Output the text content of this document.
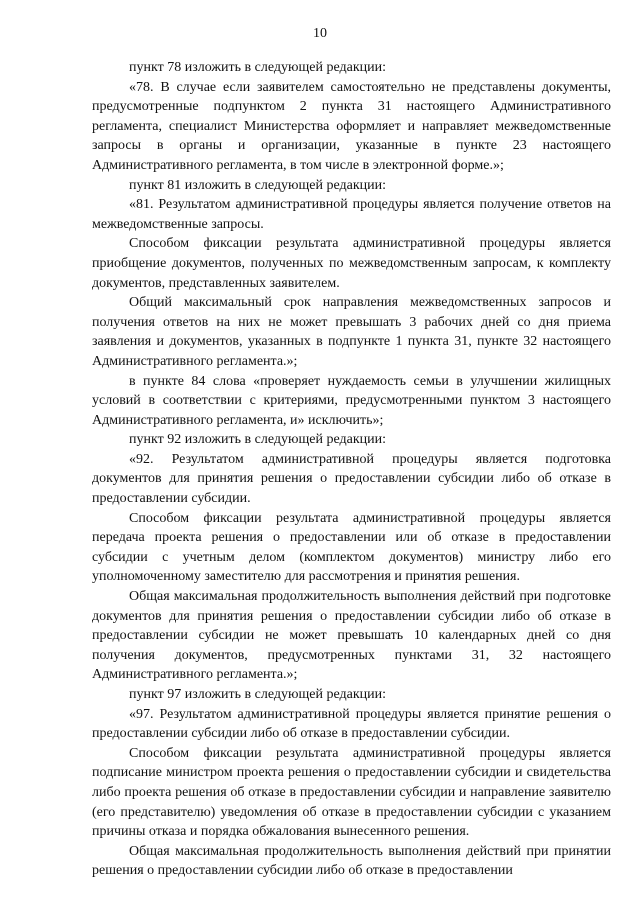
10

пункт 78 изложить в следующей редакции:

«78. В случае если заявителем самостоятельно не представлены документы, предусмотренные подпунктом 2 пункта 31 настоящего Административного регламента, специалист Министерства оформляет и направляет межведомственные запросы в органы и организации, указанные в пункте 23 настоящего Административного регламента, в том числе в электронной форме.»;

пункт 81 изложить в следующей редакции:

«81. Результатом административной процедуры является получение ответов на межведомственные запросы.

Способом фиксации результата административной процедуры является приобщение документов, полученных по межведомственным запросам, к комплекту документов, представленных заявителем.

Общий максимальный срок направления межведомственных запросов и получения ответов на них не может превышать 3 рабочих дней со дня приема заявления и документов, указанных в подпункте 1 пункта 31, пункте 32 настоящего Административного регламента.»;

в пункте 84 слова «проверяет нуждаемость семьи в улучшении жилищных условий в соответствии с критериями, предусмотренными пунктом 3 настоящего Административного регламента, и» исключить»;

пункт 92 изложить в следующей редакции:

«92. Результатом административной процедуры является подготовка документов для принятия решения о предоставлении субсидии либо об отказе в предоставлении субсидии.

Способом фиксации результата административной процедуры является передача проекта решения о предоставлении или об отказе в предоставлении субсидии с учетным делом (комплектом документов) министру либо его уполномоченному заместителю для рассмотрения и принятия решения.

Общая максимальная продолжительность выполнения действий при подготовке документов для принятия решения о предоставлении субсидии либо об отказе в предоставлении субсидии не может превышать 10 календарных дней со дня получения документов, предусмотренных пунктами 31, 32 настоящего Административного регламента.»;

пункт 97 изложить в следующей редакции:

«97. Результатом административной процедуры является принятие решения о предоставлении субсидии либо об отказе в предоставлении субсидии.

Способом фиксации результата административной процедуры является подписание министром проекта решения о предоставлении субсидии и свидетельства либо проекта решения об отказе в предоставлении субсидии и направление заявителю (его представителю) уведомления об отказе в предоставлении субсидии с указанием причины отказа и порядка обжалования вынесенного решения.

Общая максимальная продолжительность выполнения действий при принятии решения о предоставлении субсидии либо об отказе в предоставлении
